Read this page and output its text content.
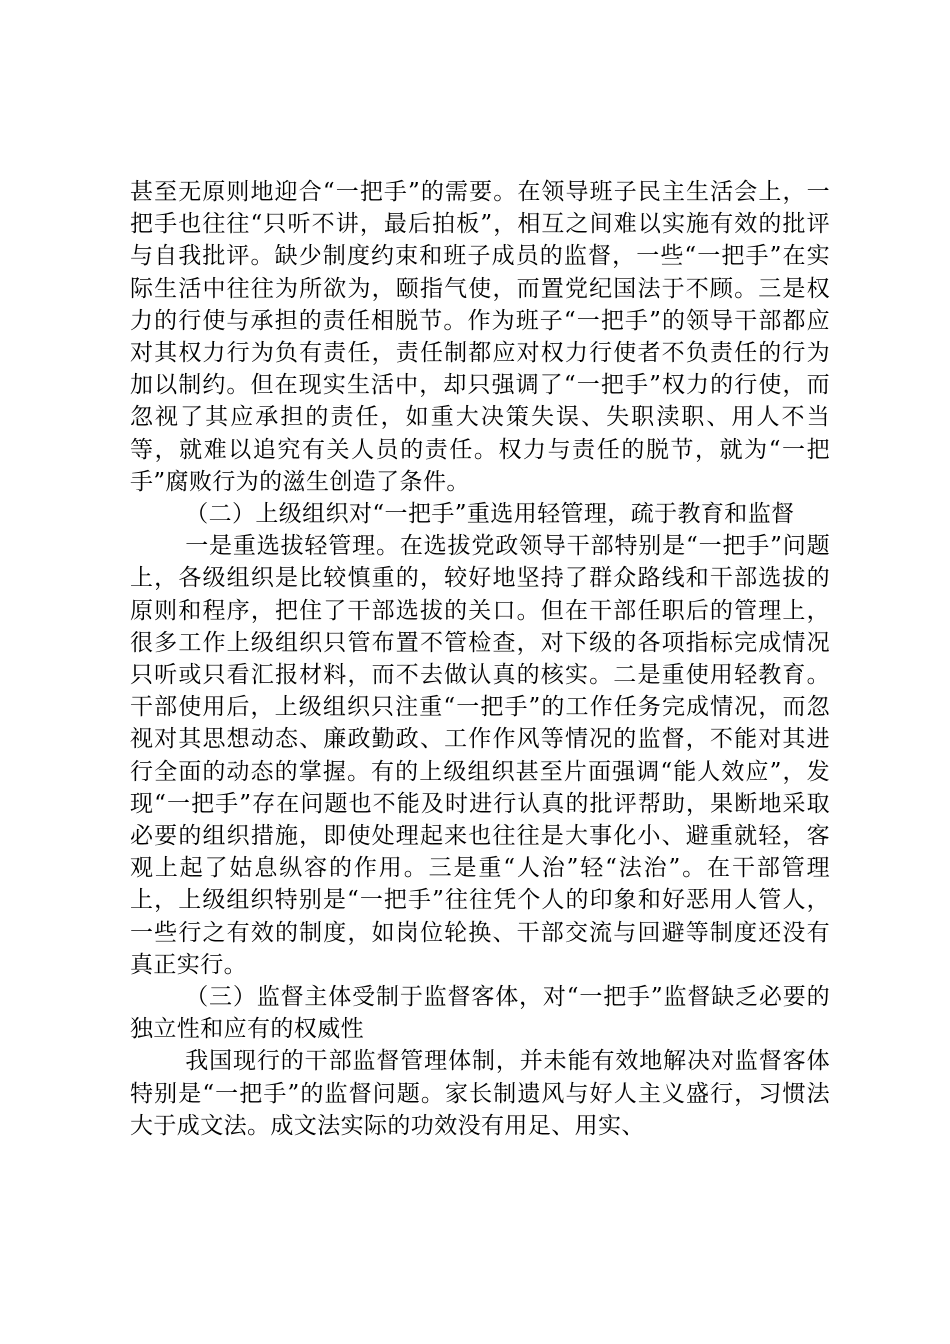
甚至无原则地迎合“一把手”的需要。在领导班子民主生活会上，一把手也往往“只听不讲，最后拍板”，相互之间难以实施有效的批评与自我批评。缺少制度约束和班子成员的监督，一些“一把手”在实际生活中往往为所欲为，颐指气使，而置党纪国法于不顾。三是权力的行使与承担的责任相脱节。作为班子“一把手”的领导干部都应对其权力行为负有责任，责任制都应对权力行使者不负责任的行为加以制约。但在现实生活中，却只强调了“一把手”权力的行使，而忽视了其应承担的责任，如重大决策失误、失职渎职、用人不当等，就难以追究有关人员的责任。权力与责任的脱节，就为“一把手”腐败行为的滋生创造了条件。

（二）上级组织对“一把手”重选用轻管理，疏于教育和监督

一是重选拔轻管理。在选拔党政领导干部特别是“一把手”问题上，各级组织是比较慎重的，较好地坚持了群众路线和干部选拔的原则和程序，把住了干部选拔的关口。但在干部任职后的管理上，很多工作上级组织只管布置不管检查，对下级的各项指标完成情况只听或只看汇报材料，而不去做认真的核实。二是重使用轻教育。干部使用后，上级组织只注重“一把手”的工作任务完成情况，而忽视对其思想动态、廉政勤政、工作作风等情况的监督，不能对其进行全面的动态的掌握。有的上级组织甚至片面强调“能人效应”，发现“一把手”存在问题也不能及时进行认真的批评帮助，果断地采取必要的组织措施，即使处理起来也往往是大事化小、避重就轻，客观上起了姑息纵容的作用。三是重“人治”轻“法治”。在干部管理上，上级组织特别是“一把手”往往凭个人的印象和好恶用人管人，一些行之有效的制度，如岗位轮换、干部交流与回避等制度还没有真正实行。

（三）监督主体受制于监督客体，对“一把手”监督缺乏必要的独立性和应有的权威性

我国现行的干部监督管理体制，并未能有效地解决对监督客体特别是“一把手”的监督问题。家长制遗风与好人主义盛行，习惯法大于成文法。成文法实际的功效没有用足、用实、
